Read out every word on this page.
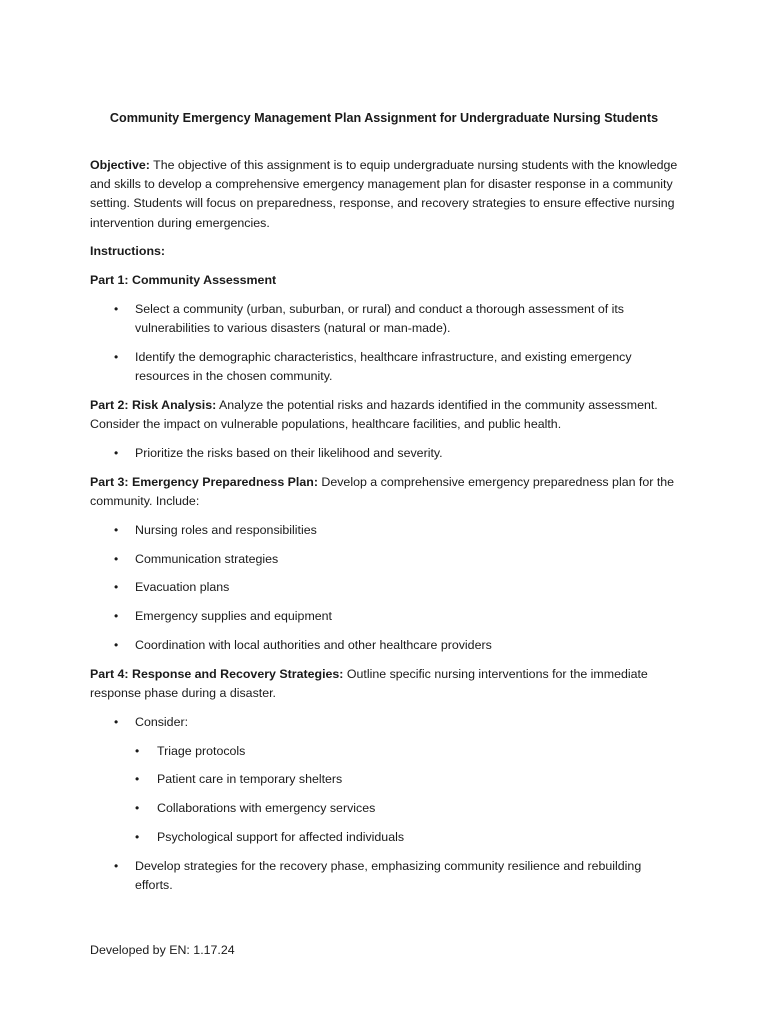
Community Emergency Management Plan Assignment for Undergraduate Nursing Students

Objective: The objective of this assignment is to equip undergraduate nursing students with the knowledge and skills to develop a comprehensive emergency management plan for disaster response in a community setting. Students will focus on preparedness, response, and recovery strategies to ensure effective nursing intervention during emergencies.

Instructions:

Part 1: Community Assessment

• Select a community (urban, suburban, or rural) and conduct a thorough assessment of its vulnerabilities to various disasters (natural or man-made).
• Identify the demographic characteristics, healthcare infrastructure, and existing emergency resources in the chosen community.

Part 2: Risk Analysis: Analyze the potential risks and hazards identified in the community assessment. Consider the impact on vulnerable populations, healthcare facilities, and public health.

• Prioritize the risks based on their likelihood and severity.

Part 3: Emergency Preparedness Plan: Develop a comprehensive emergency preparedness plan for the community. Include:

• Nursing roles and responsibilities
• Communication strategies
• Evacuation plans
• Emergency supplies and equipment
• Coordination with local authorities and other healthcare providers

Part 4: Response and Recovery Strategies: Outline specific nursing interventions for the immediate response phase during a disaster.

• Consider:
• Triage protocols
• Patient care in temporary shelters
• Collaborations with emergency services
• Psychological support for affected individuals
• Develop strategies for the recovery phase, emphasizing community resilience and rebuilding efforts.
Developed by EN: 1.17.24
